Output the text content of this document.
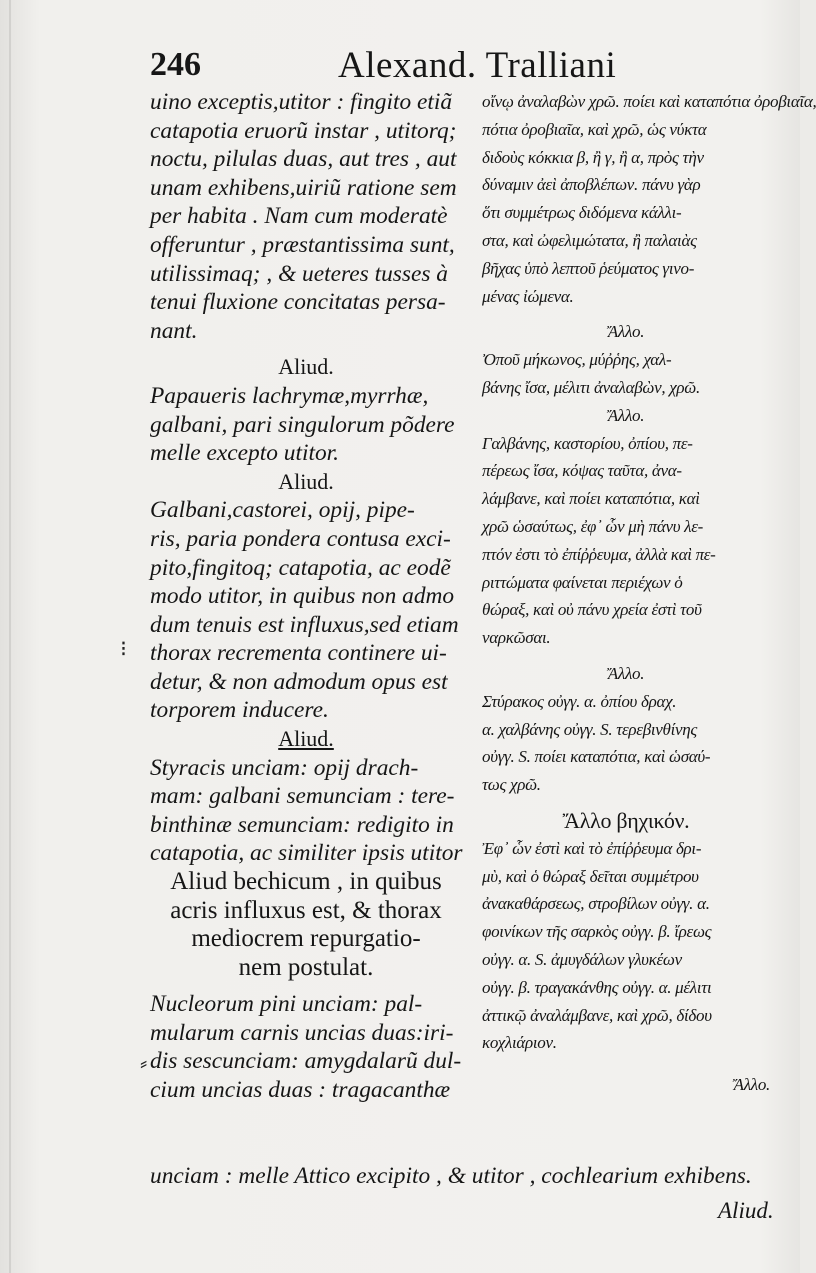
246	Alexand. Tralliani
uino exceptis,utitor : fingito etiã
catapotia eruorũ instar , utitorq;
noctu, pilulas duas, aut tres , aut
unam exhibens,uiriũ ratione sem
per habita . Nam cum moderatè
offeruntur , præstantissima sunt,
utilissimaq; , & ueteres tusses à
tenui fluxione concitatas persa-
nant.
Aliud.
Papaueris lachrymæ,myrrhæ,
galbani, pari singulorum põdere
melle excepto utitor.
Aliud.
Galbani,castorei, opij, pipe-
ris, paria pondera contusa exci-
pito,fingitoq; catapotia, ac eodẽ
modo utitor, in quibus non admo
dum tenuis est influxus,sed etiam
thorax recrementa continere ui-
detur, & non admodum opus est
torporem inducere.
Aliud.
Styracis unciam: opij drach-
mam: galbani semunciam : tere-
binthinæ semunciam: redigito in
catapotia, ac similiter ipsis utitor
Aliud bechicum , in quibus
acris influxus est, & thorax
mediocrem repurgatio-
nem postulat.
Nucleorum pini unciam: pal-
mularum carnis uncias duas:iri-
dis sescunciam: amygdalarũ dul-
cium uncias duas : tragacanthæ
οἴνῳ ἀναλαβὼν χρῶ. ποίει καὶ καταπότια ὀροβιαῖα,
πότια ὀροβιαῖα, καὶ χρῶ, ὡς νύκτα
διδοὺς κόκκια β, ἢ γ, ἢ α, πρὸς τὴν
δύναμιν ἀεὶ ἀποβλέπων. πάνυ γὰρ
ὅτι συμμέτρως διδόμενα κάλλι-
στα, καὶ ὠφελιμώτατα, ἢ παλαιὰς
βῆχας ὑπὸ λεπτοῦ ῥεύματος γινο-
μένας ἰώμενα.
Ἄλλο.
Ὀποῦ μήκωνος, μύῤῥης, χαλ-
βάνης ἴσα, μέλιτι ἀναλαβὼν, χρῶ.
Ἄλλο.
Γαλβάνης, καστορίου, ὀπίου, πε-
πέρεως ἴσα, κόψας ταῦτα, ἀνα-
λάμβανε, καὶ ποίει καταπότια, καὶ
χρῶ ὡσαύτως, ἐφ᾽ ὧν μὴ πάνυ λε-
πτόν ἐστι τὸ ἐπίῤῥευμα, ἀλλὰ καὶ πε-
ριττώματα φαίνεται περιέχων ὁ
θώραξ, καὶ οὐ πάνυ χρεία ἐστὶ τοῦ
ναρκῶσαι.
Ἄλλο.
Στύρακος οὐγγ. α. ὀπίου δραχ.
α. χαλβάνης οὐγγ. S. τερεβινθίνης
οὐγγ. S. ποίει καταπότια, καὶ ὡσαύ-
τως χρῶ.
Ἄλλο βηχικόν.
Ἐφ᾽ ὧν ἐστὶ καὶ τὸ ἐπίῤῥευμα δρι-
μὺ, καὶ ὁ θώραξ δεῖται συμμέτρου
ἀνακαθάρσεως, στροβίλων οὐγγ. α.
φοινίκων τῆς σαρκὸς οὐγγ. β. ἴρεως
οὐγγ. α. S. ἀμυγδάλων γλυκέων
οὐγγ. β. τραγακάνθης οὐγγ. α. μέλιτι
ἀττικῷ ἀναλάμβανε, καὶ χρῶ, δίδου
κοχλιάριον.
Ἄλλο.
⁝
⸗
unciam : melle Attico excipito , & utitor , cochlearium exhibens.
Aliud.
